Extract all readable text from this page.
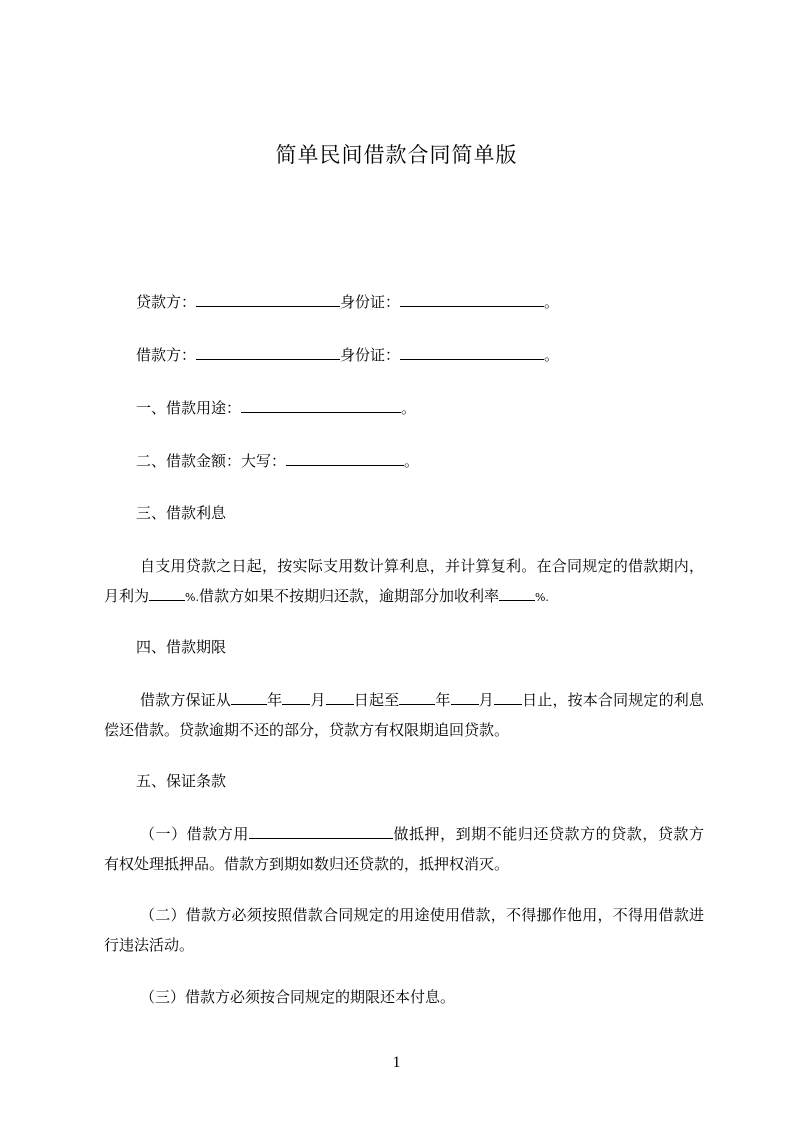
简单民间借款合同简单版

贷款方：	身份证：	。

借款方：	身份证：	。

一、借款用途：	。

二、借款金额：大写：	。

三、借款利息

自支用贷款之日起，按实际支用数计算利息，并计算复利。在合同规定的借款期内，月利为	%.借款方如果不按期归还款，逾期部分加收利率	%.

四、借款期限

借款方保证从 年 月 日起至 年 月 日止，按本合同规定的利息偿还借款。贷款逾期不还的部分，贷款方有权限期追回贷款。

五、保证条款

（一）借款方用	做抵押，到期不能归还贷款方的贷款，贷款方有权处理抵押品。借款方到期如数归还贷款的，抵押权消灭。

（二）借款方必须按照借款合同规定的用途使用借款，不得挪作他用，不得用借款进行违法活动。

（三）借款方必须按合同规定的期限还本付息。

1
